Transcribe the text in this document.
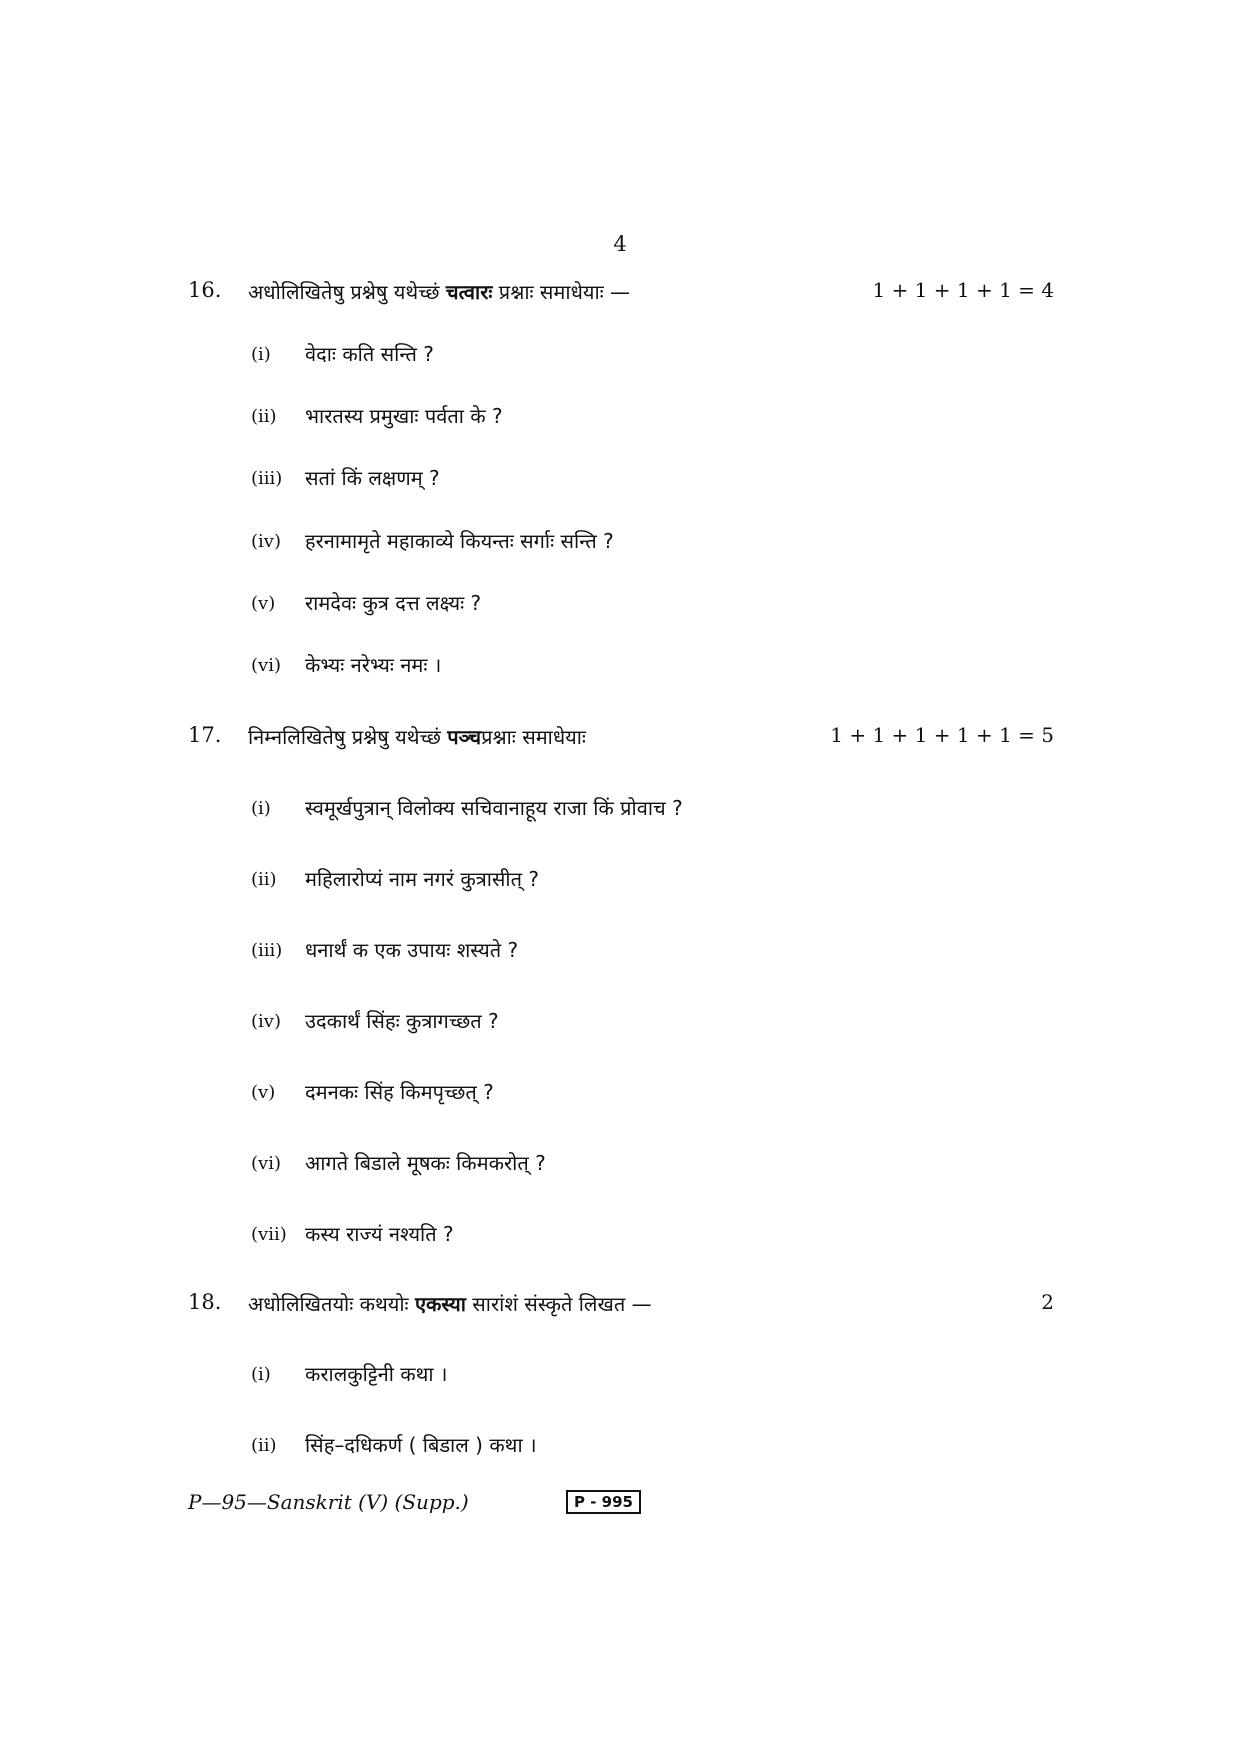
4
16. अधोलिखितेषु प्रश्नेषु यथेच्छं चत्वारः प्रश्नाः समाधेयाः —	1 + 1 + 1 + 1 = 4
(i) वेदाः कति सन्ति ?
(ii) भारतस्य प्रमुखाः पर्वता के ?
(iii) सतां किं लक्षणम् ?
(iv) हरनामामृते महाकाव्ये कियन्तः सर्गाः सन्ति ?
(v) रामदेवः कुत्र दत्त लक्ष्यः ?
(vi) केभ्यः नरेभ्यः नमः ।
17. निम्नलिखितेषु प्रश्नेषु यथेच्छं पञ्चप्रश्नाः समाधेयाः	1 + 1 + 1 + 1 + 1 = 5
(i) स्वमूर्खपुत्रान् विलोक्य सचिवानाहूय राजा किं प्रोवाच ?
(ii) महिलारोप्यं नाम नगरं कुत्रासीत् ?
(iii) धनार्थं क एक उपायः शस्यते ?
(iv) उदकार्थं सिंहः कुत्रागच्छत ?
(v) दमनकः सिंह किमपृच्छत् ?
(vi) आगते बिडाले मूषकः किमकरोत् ?
(vii) कस्य राज्यं नश्यति ?
18. अधोलिखितयोः कथयोः एकस्या सारांशं संस्कृते लिखत —	2
(i) करालकुट्टिनी कथा ।
(ii) सिंह–दधिकर्ण ( बिडाल ) कथा ।
P—95—Sanskrit (V) (Supp.)	P - 995
